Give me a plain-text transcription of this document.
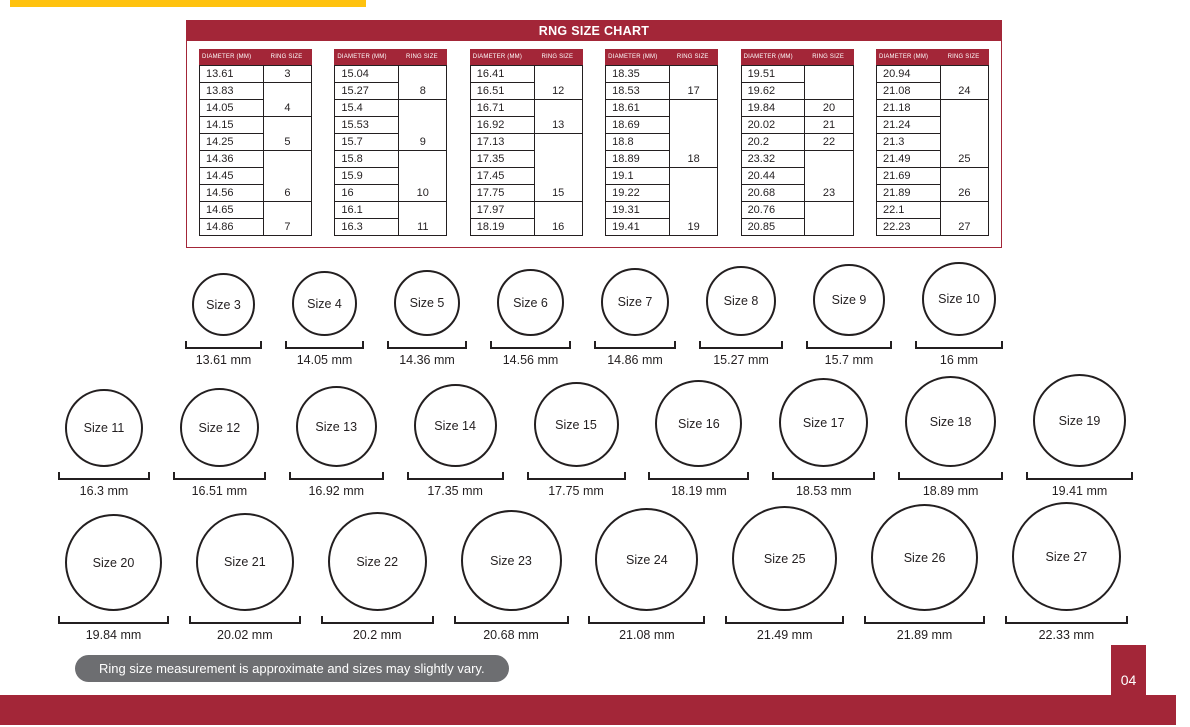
RNG SIZE CHART
DIAMETER (MM)	RING SIZE
13.61	3
13.83	4
14.05	
14.15	5
14.25	
14.36	6
14.45	
14.56	
14.65	7
14.86	
DIAMETER (MM)	RING SIZE
15.04	8
15.27	
15.4	9
15.53	
15.7	
15.8	10
15.9	
16	
16.1	11
16.3	
DIAMETER (MM)	RING SIZE
16.41	12
16.51	
16.71	13
16.92	
17.13	15
17.35	
17.45	
17.75	
17.97	16
18.19	
DIAMETER (MM)	RING SIZE
18.35	17
18.53	
18.61	18
18.69	
18.8	
18.89	
19.1	19
19.22	
19.31	
19.41	
DIAMETER (MM)	RING SIZE
19.51	
19.62	
19.84	20
20.02	21
20.2	22
23.32	23
20.44	
20.68	
20.76	
20.85	
DIAMETER (MM)	RING SIZE
20.94	24
21.08	
21.18	25
21.24	
21.3	
21.49	
21.69	26
21.89	
22.1	27
22.23	
Size 3
13.61 mm
Size 4
14.05 mm
Size 5
14.36 mm
Size 6
14.56 mm
Size 7
14.86 mm
Size 8
15.27 mm
Size 9
15.7 mm
Size 10
16 mm
Size 11
16.3 mm
Size 12
16.51 mm
Size 13
16.92 mm
Size 14
17.35 mm
Size 15
17.75 mm
Size 16
18.19 mm
Size 17
18.53 mm
Size 18
18.89 mm
Size 19
19.41 mm
Size 20
19.84 mm
Size 21
20.02 mm
Size 22
20.2 mm
Size 23
20.68 mm
Size 24
21.08 mm
Size 25
21.49 mm
Size 26
21.89 mm
Size 27
22.33 mm
Ring size measurement is approximate and sizes may slightly vary.
04
